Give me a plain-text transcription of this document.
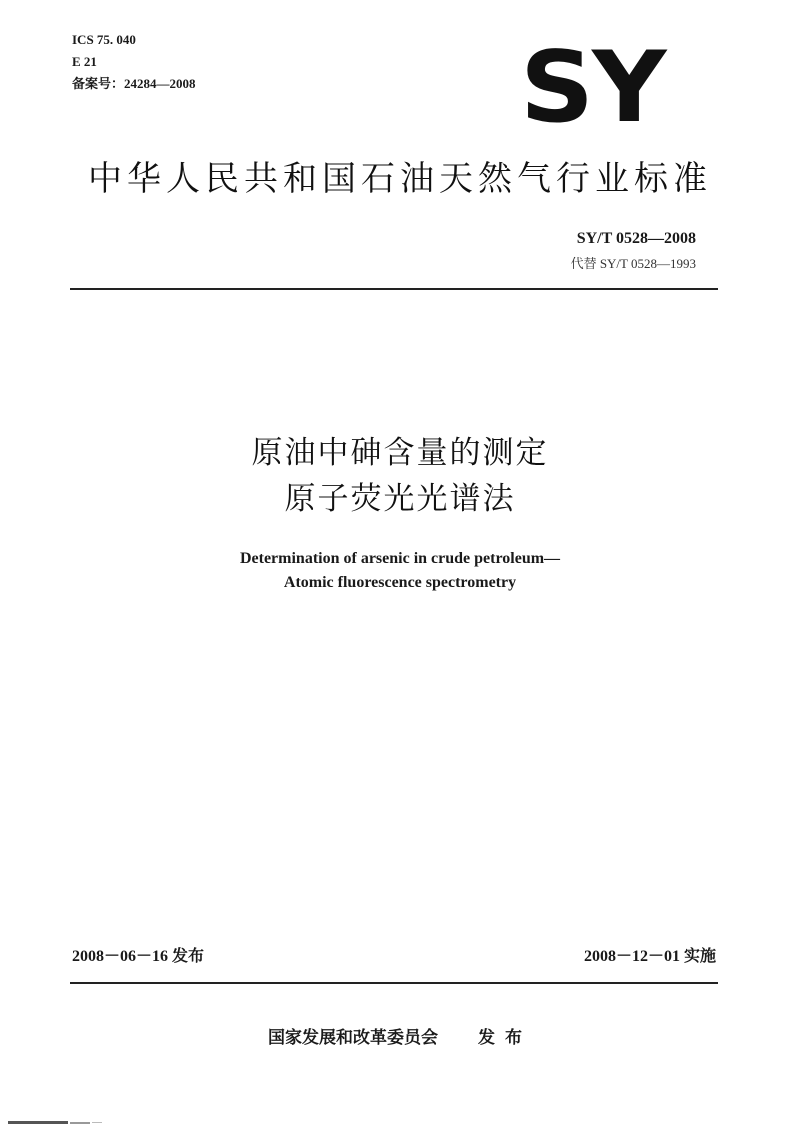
ICS 75. 040
E 21
备案号：24284—2008	SY
中华人民共和国石油天然气行业标准
SY/T 0528—2008
代替 SY/T 0528—1993
原油中砷含量的测定
原子荧光光谱法
Determination of arsenic in crude petroleum—
Atomic fluorescence spectrometry
2008－06－16 发布	2008－12－01 实施
国家发展和改革委员会 发布
